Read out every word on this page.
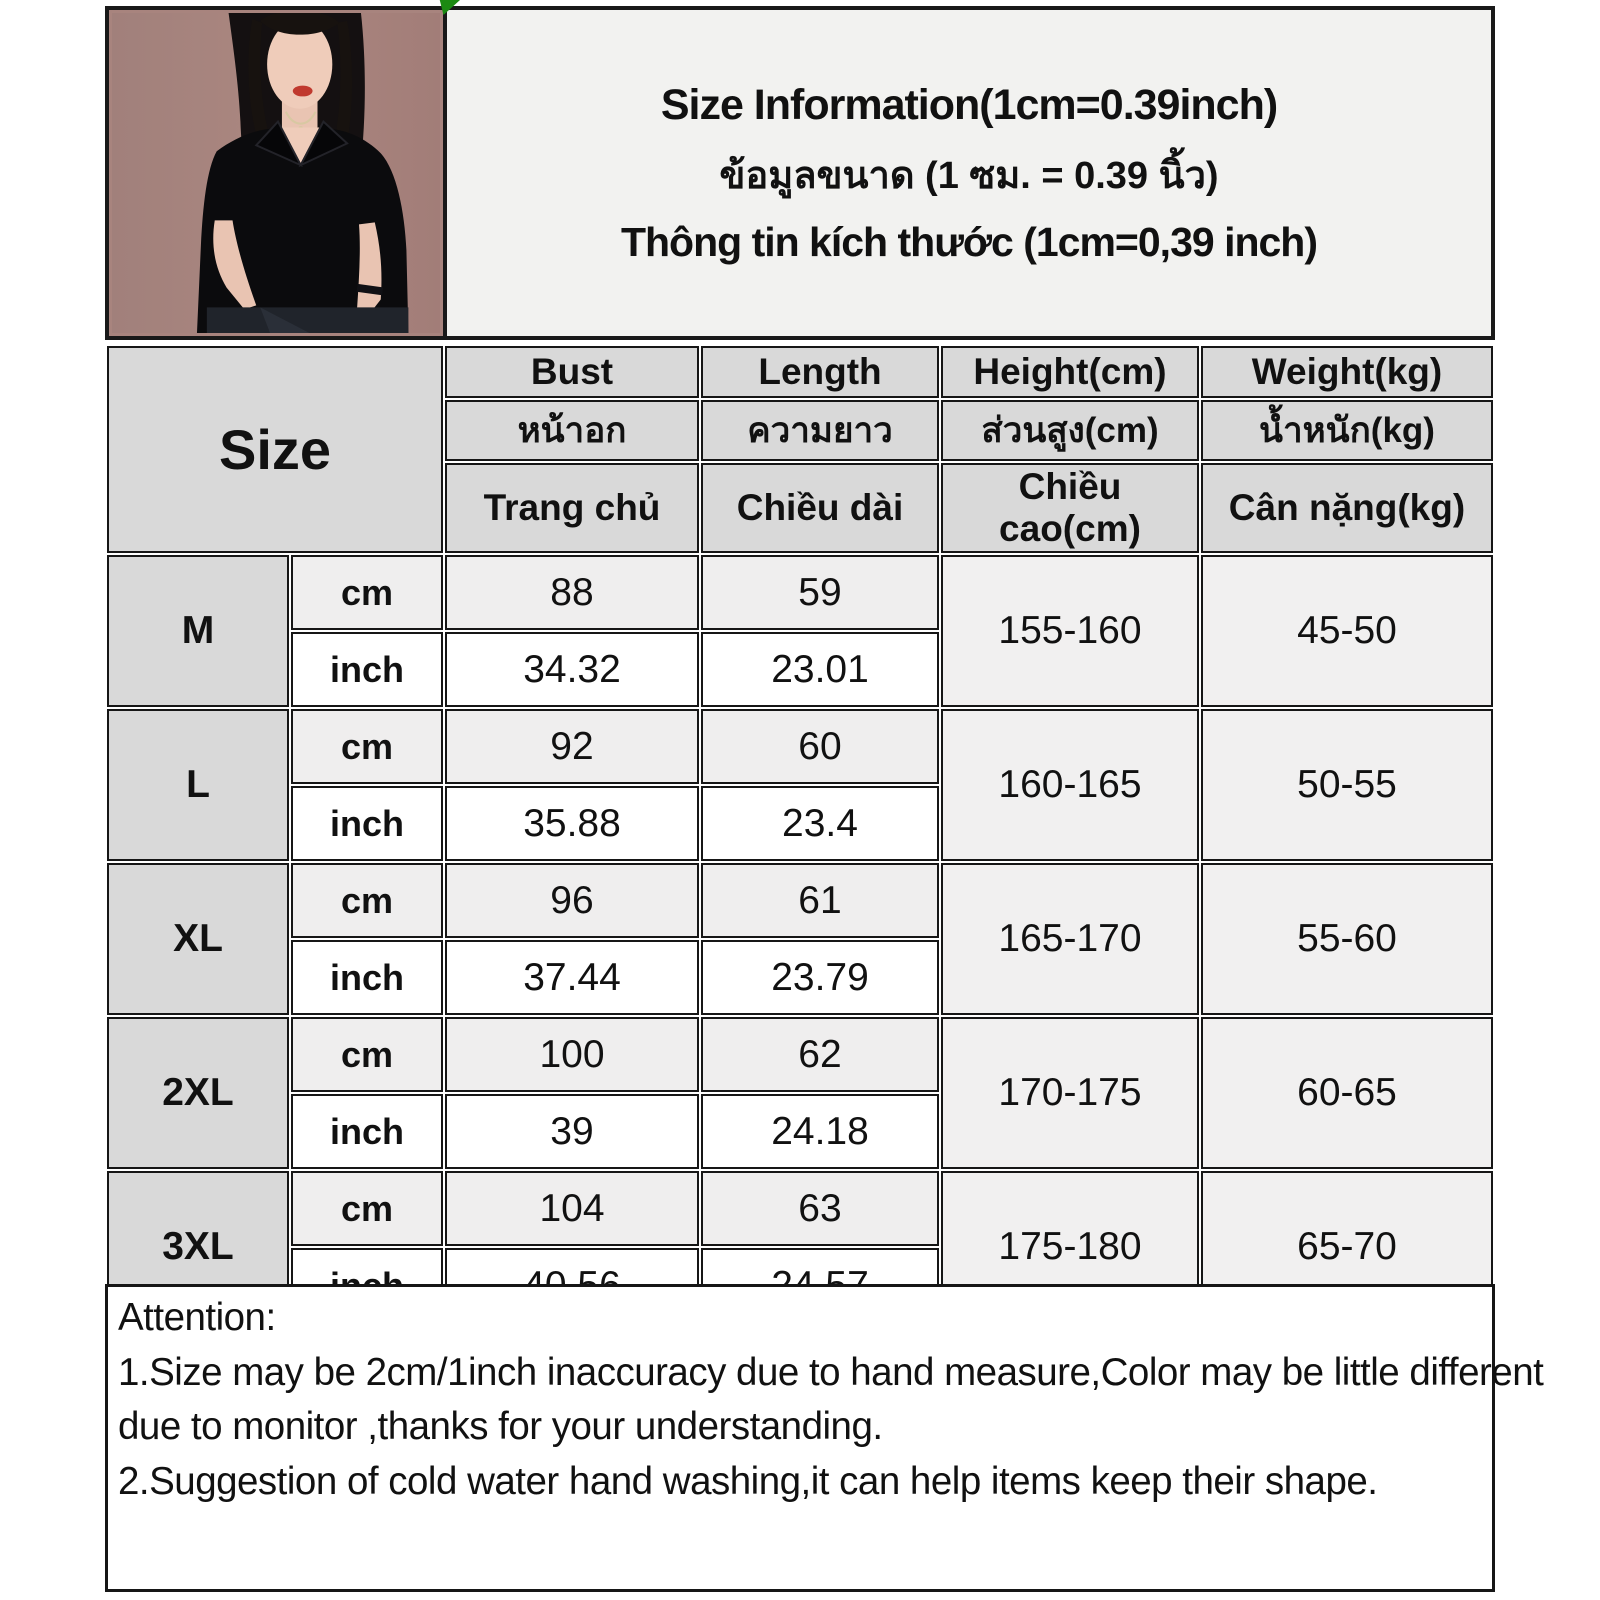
Size Information(1cm=0.39inch)
ข้อมูลขนาด (1 ซม. = 0.39 นิ้ว)
Thông tin kích thước (1cm=0,39 inch)
Size		Bust	Length	Height(cm)	Weight(kg)
		หน้าอก	ความยาว	ส่วนสูง(cm)	น้ำหนัก(kg)
		Trang chủ	Chiều dài	Chiều cao(cm)	Cân nặng(kg)
M	cm	88	59	155-160	45-50
	inch	34.32	23.01		
L	cm	92	60	160-165	50-55
	inch	35.88	23.4		
XL	cm	96	61	165-170	55-60
	inch	37.44	23.79		
2XL	cm	100	62	170-175	60-65
	inch	39	24.18		
3XL	cm	104	63	175-180	65-70

Attention:
1.Size may be 2cm/1inch inaccuracy due to hand measure,Color may be little different
due to monitor ,thanks for your understanding.
2.Suggestion of cold water hand washing,it can help items keep their shape.
